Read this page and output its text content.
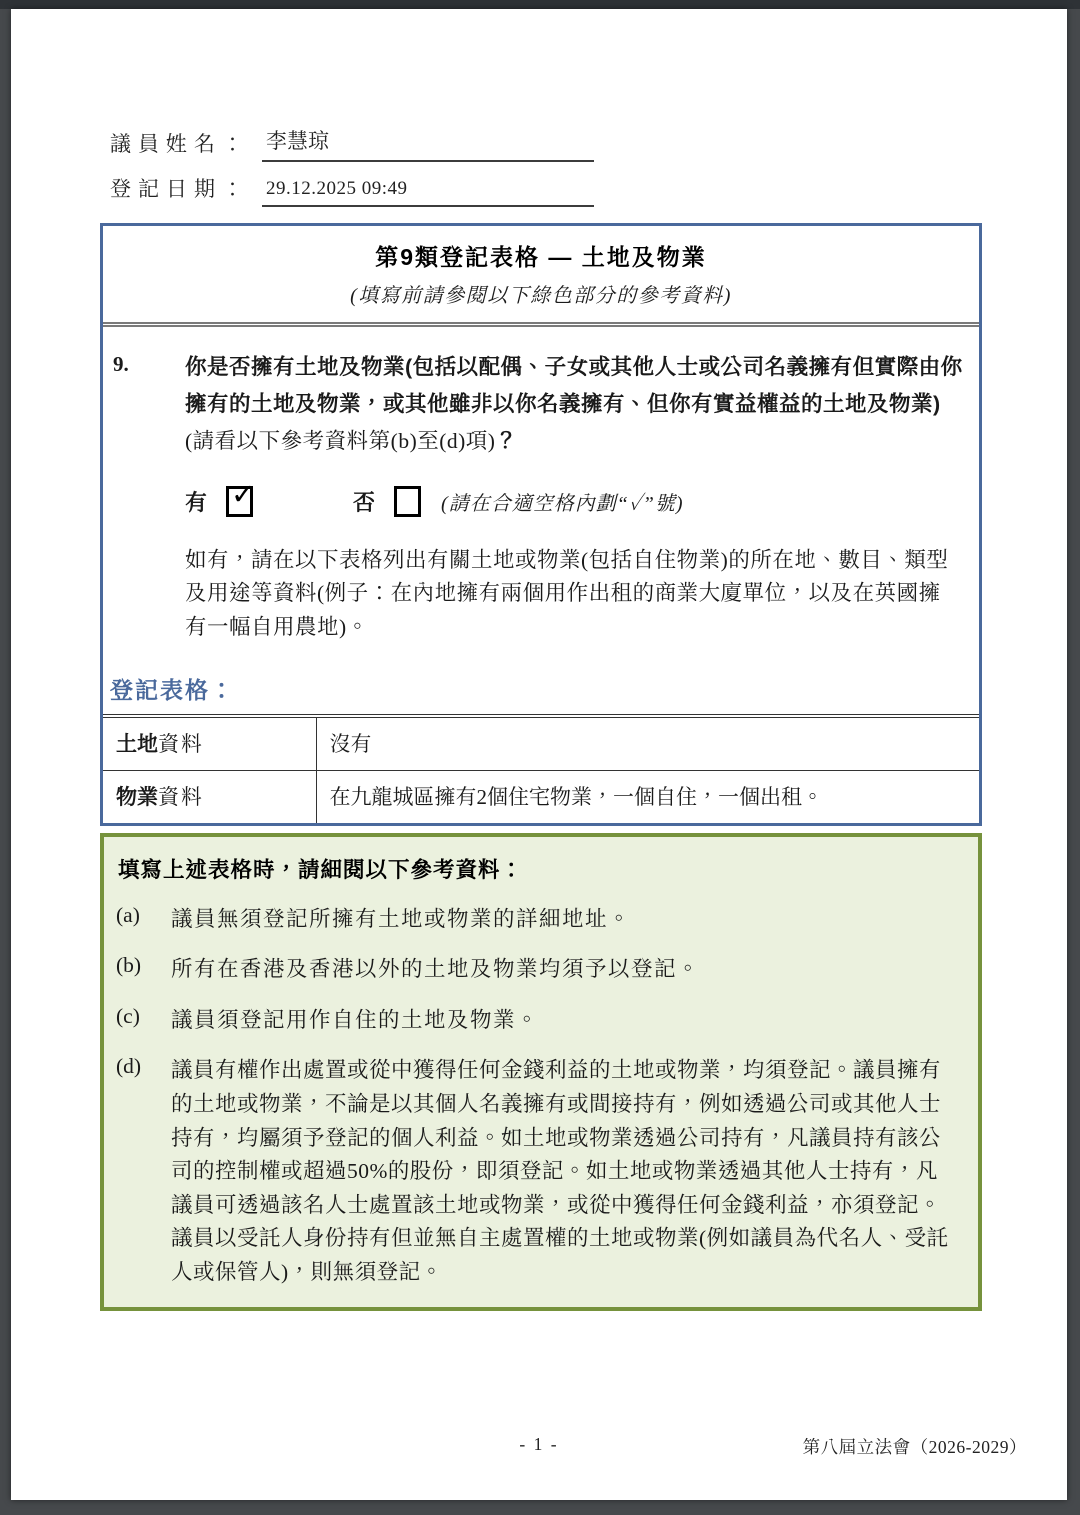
議員姓名： 李慧琼
登記日期： 29.12.2025 09:49
第9類登記表格 — 土地及物業
(填寫前請參閱以下綠色部分的參考資料)
9.	你是否擁有土地及物業(包括以配偶、子女或其他人士或公司名義擁有但實際由你擁有的土地及物業，或其他雖非以你名義擁有、但你有實益權益的土地及物業)(請看以下參考資料第(b)至(d)項)？
有 ✓	否	(請在合適空格內劃“✓”號)
如有，請在以下表格列出有關土地或物業(包括自住物業)的所在地、數目、類型及用途等資料(例子：在內地擁有兩個用作出租的商業大廈單位，以及在英國擁有一幅自用農地)。
登記表格：
土地資料	沒有
物業資料	在九龍城區擁有2個住宅物業，一個自住，一個出租。
填寫上述表格時，請細閱以下參考資料：
(a)	議員無須登記所擁有土地或物業的詳細地址。
(b)	所有在香港及香港以外的土地及物業均須予以登記。
(c)	議員須登記用作自住的土地及物業。
(d)	議員有權作出處置或從中獲得任何金錢利益的土地或物業，均須登記。議員擁有的土地或物業，不論是以其個人名義擁有或間接持有，例如透過公司或其他人士持有，均屬須予登記的個人利益。如土地或物業透過公司持有，凡議員持有該公司的控制權或超過50%的股份，即須登記。如土地或物業透過其他人士持有，凡議員可透過該名人士處置該土地或物業，或從中獲得任何金錢利益，亦須登記。議員以受託人身份持有但並無自主處置權的土地或物業(例如議員為代名人、受託人或保管人)，則無須登記。
- 1 -	第八屆立法會（2026-2029）
